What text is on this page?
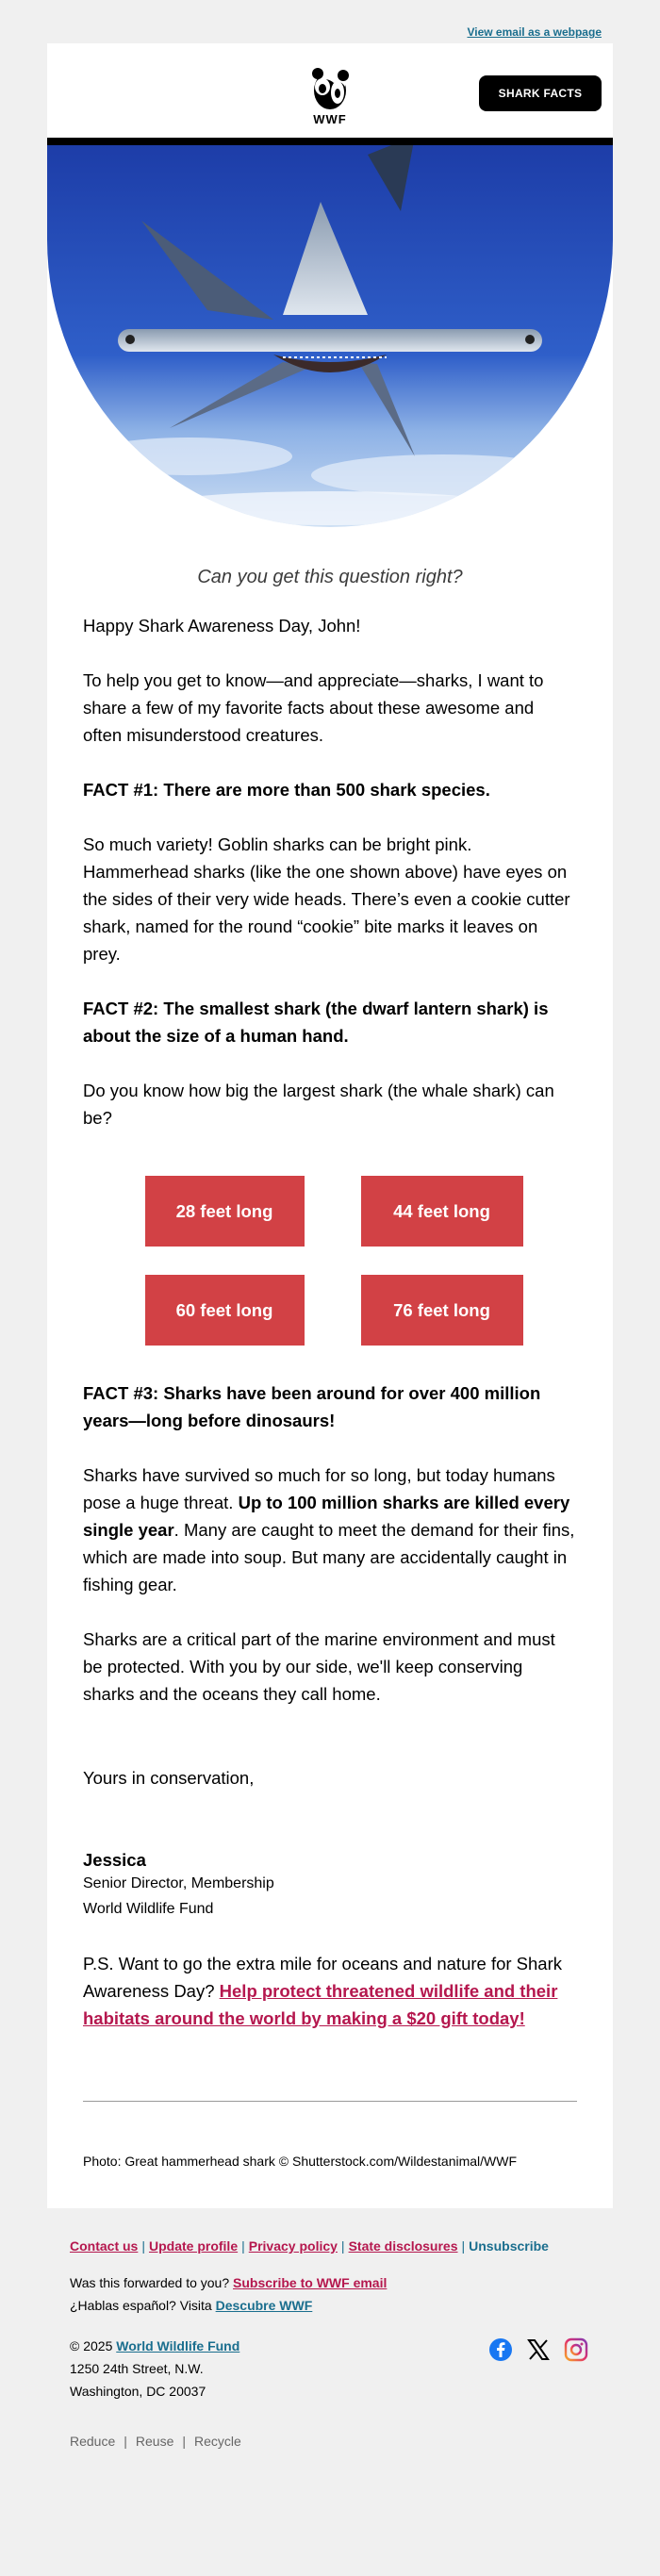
View email as a webpage
WWF
SHARK FACTS

Can you get this question right?

Happy Shark Awareness Day, John!

To help you get to know—and appreciate—sharks, I want to share a few of my favorite facts about these awesome and often misunderstood creatures.

FACT #1: There are more than 500 shark species.

So much variety! Goblin sharks can be bright pink. Hammerhead sharks (like the one shown above) have eyes on the sides of their very wide heads. There’s even a cookie cutter shark, named for the round “cookie” bite marks it leaves on prey.

FACT #2: The smallest shark (the dwarf lantern shark) is about the size of a human hand.

Do you know how big the largest shark (the whale shark) can be?

28 feet long	44 feet long
60 feet long	76 feet long

FACT #3: Sharks have been around for over 400 million years—long before dinosaurs!

Sharks have survived so much for so long, but today humans pose a huge threat. Up to 100 million sharks are killed every single year. Many are caught to meet the demand for their fins, which are made into soup. But many are accidentally caught in fishing gear.

Sharks are a critical part of the marine environment and must be protected. With you by our side, we'll keep conserving sharks and the oceans they call home.

Yours in conservation,

Jessica

Senior Director, Membership

World Wildlife Fund

P.S. Want to go the extra mile for oceans and nature for Shark Awareness Day? Help protect threatened wildlife and their habitats around the world by making a $20 gift today!

Photo: Great hammerhead shark © Shutterstock.com/Wildestanimal/WWF

Contact us | Update profile | Privacy policy | State disclosures | Unsubscribe
Was this forwarded to you? Subscribe to WWF email
¿Hablas español? Visita Descubre WWF
© 2025 World Wildlife Fund
1250 24th Street, N.W.
Washington, DC 20037
Reduce | Reuse | Recycle
